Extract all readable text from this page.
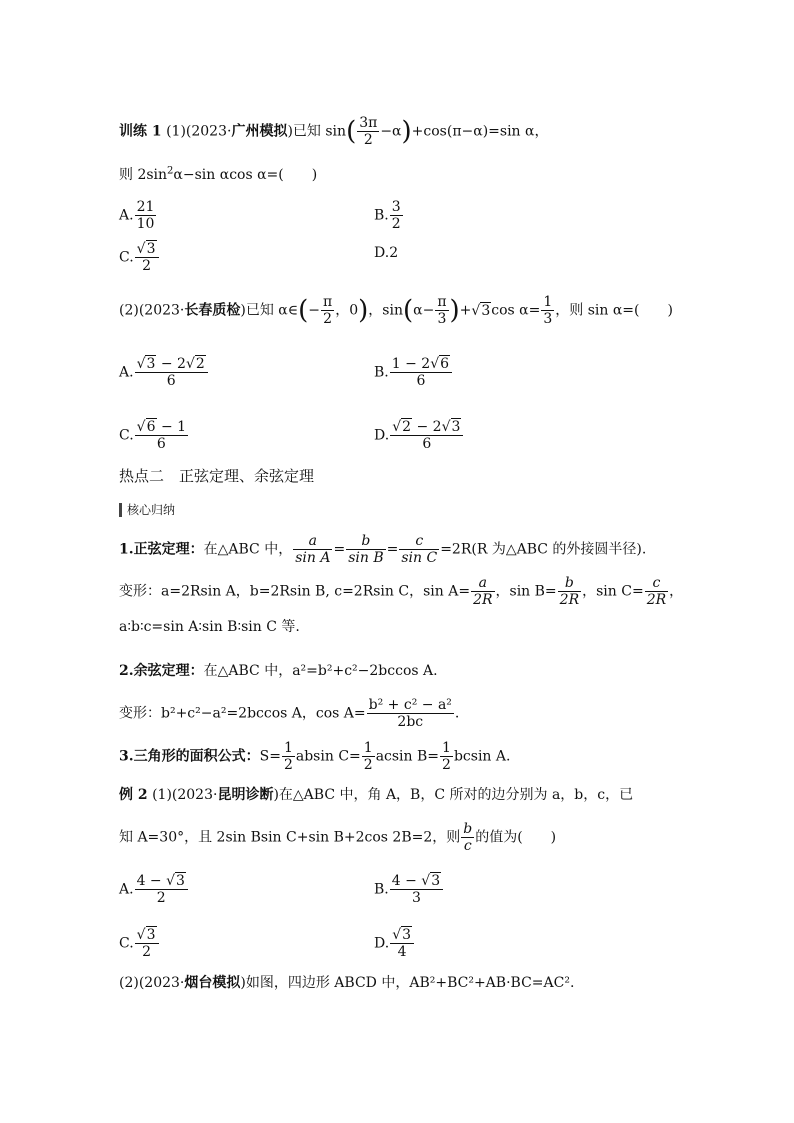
训练 1 (1)(2023·广州模拟)已知 $\sin( \frac{3\pi}{2} -\alpha)+\cos(\pi-\alpha)=\sin$ α，
则 $2\sin^2\alpha-\sin$ αcos α=(　　)
A. $\frac{21}{10}$	B. $\frac{3}{2}$
C. $\frac{√3}{2}$	D.2
(2)(2023·长春质检)已知 α∈(− $\frac{\pi}{2}$ ，0)，$\sin(\alpha- \frac{\pi}{3} )+√3\cos$ $\alpha= \frac{1}{3}$ ，则 sin α=(　　)
A. $\frac{√3 - 2√2}{6}$	B. $\frac{1 - 2√6}{6}$
C. $\frac{√6 - 1}{6}$	D. $\frac{√2 - 2√3}{6}$
热点二　正弦定理、余弦定理
核心归纳
1.正弦定理：在△ABC 中， $\frac{a}{\text{sin A}} = \frac{b}{\text{sin B}} = \frac{c}{\text{sin C}} =2R(R$ 为△ABC 的外接圆半径).
变形：a=2Rsin A，b=2Rsin B, c=2Rsin C，$\sin A= \frac{a}{2R}$ ，$\sin B= \frac{b}{2R}$ ，$\sin C= \frac{c}{2R}$ ，
a∶b∶c=sin A∶sin B∶sin C 等.
2.余弦定理：在△ABC 中，a²=b²+c²−2bccos A.
变形：b²+c²−a²=2bccos A，$\cos A= \frac{\text{b² + c² − a²}}{2bc}$ .
3.三角形的面积公式：$S= \frac{1}{2}$ absin $C= \frac{1}{2}$ acsin $B= \frac{1}{2}$ bcsin A.
例 2 (1)(2023·昆明诊断)在△ABC 中，角 A，B，C 所对的边分别为 a，b，c，已
知 A=30°，且 2sin Bsin C+sin B+2cos 2B=2，则 $\frac{b}{c}$ 的值为(　　)
A. $\frac{4 - √3}{2}$	B. $\frac{4 - √3}{3}$
C. $\frac{√3}{2}$	D. $\frac{√3}{4}$
(2)(2023·烟台模拟)如图，四边形 ABCD 中，AB²+BC²+AB·BC=AC².
